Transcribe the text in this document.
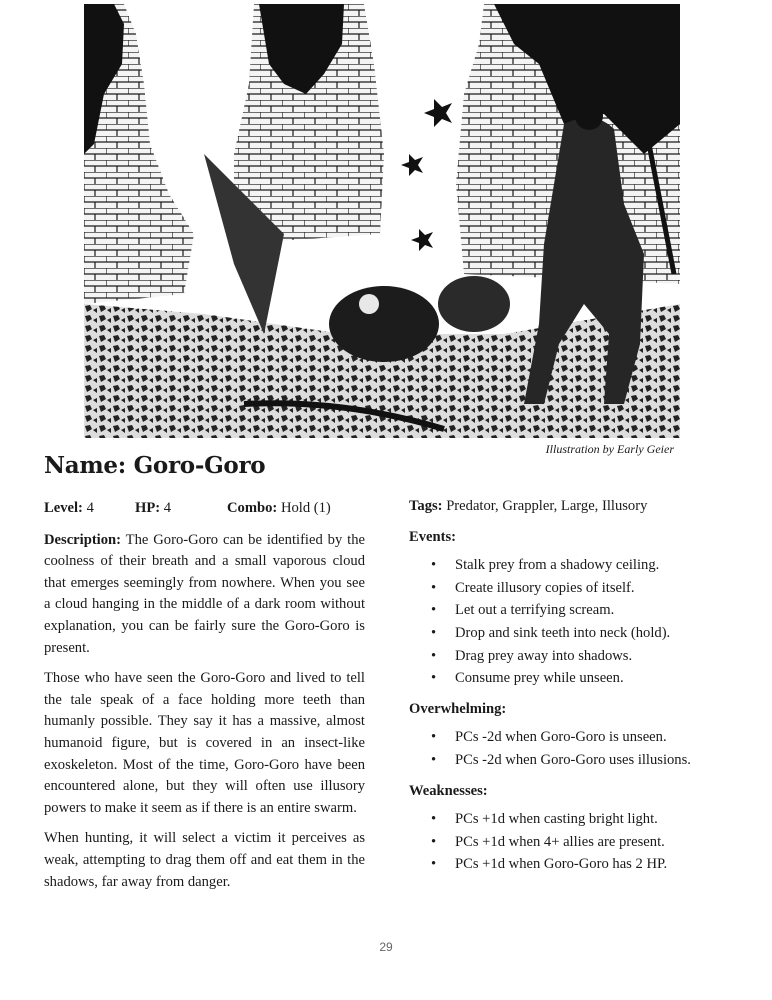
Illustration by Early Geier
Name: Goro-Goro
Level: 4	HP: 4	Combo: Hold (1)

Description: The Goro-Goro can be identified by the coolness of their breath and a small vaporous cloud that emerges seemingly from nowhere. When you see a cloud hanging in the middle of a dark room without explanation, you can be fairly sure the Goro-Goro is present.

Those who have seen the Goro-Goro and lived to tell the tale speak of a face holding more teeth than humanly possible. They say it has a massive, almost humanoid figure, but is covered in an insect-like exoskeleton. Most of the time, Goro-Goro have been encountered alone, but they will often use illusory powers to make it seem as if there is an entire swarm.

When hunting, it will select a victim it perceives as weak, attempting to drag them off and eat them in the shadows, far away from danger.

Tags: Predator, Grappler, Large, Illusory

Events:

• Stalk prey from a shadowy ceiling.
• Create illusory copies of itself.
• Let out a terrifying scream.
• Drop and sink teeth into neck (hold).
• Drag prey away into shadows.
• Consume prey while unseen.

Overwhelming:

• PCs -2d when Goro-Goro is unseen.
• PCs -2d when Goro-Goro uses illusions.

Weaknesses:

• PCs +1d when casting bright light.
• PCs +1d when 4+ allies are present.
• PCs +1d when Goro-Goro has 2 HP.
29
